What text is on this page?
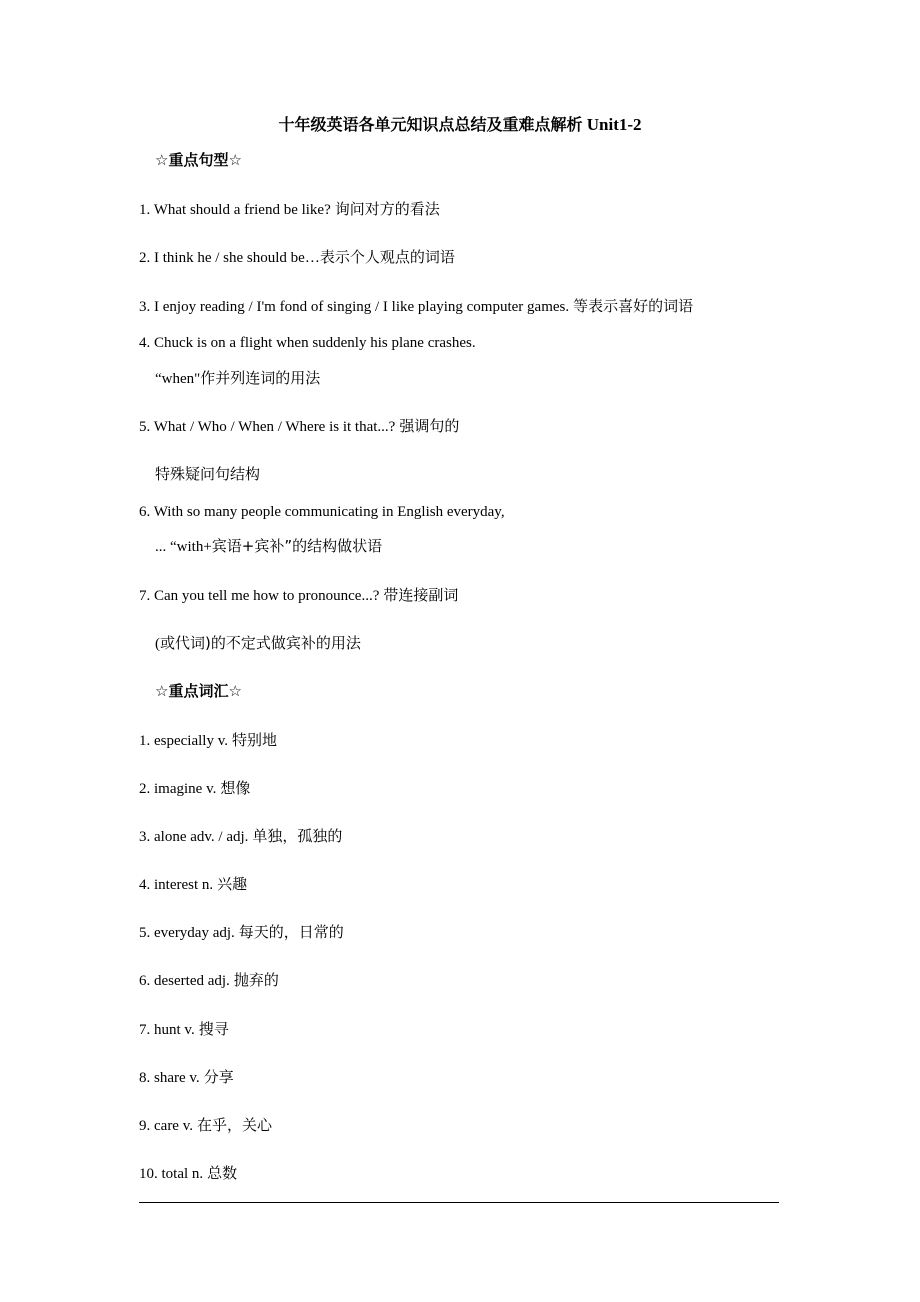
十年级英语各单元知识点总结及重难点解析 Unit1-2
☆重点句型☆
1. What should a friend be like? 询问对方的看法
2. I think he / she should be…表示个人观点的词语
3. I enjoy reading / I'm fond of singing / I like playing computer games. 等表示喜好的词语
4. Chuck is on a flight when suddenly his plane crashes.
“when"作并列连词的用法
5. What / Who / When / Where is it that...? 强调句的
特殊疑问句结构
6. With so many people communicating in English everyday,
... “with+宾语+宾补”的结构做状语
7. Can you tell me how to pronounce...? 带连接副词
(或代词)的不定式做宾补的用法
☆重点词汇☆
1. especially v. 特别地
2. imagine v. 想像
3. alone adv. / adj. 单独，孤独的
4. interest n. 兴趣
5. everyday adj. 每天的，日常的
6. deserted adj. 抛弃的
7. hunt v. 搜寻
8. share v. 分享
9. care v. 在乎，关心
10. total n. 总数
